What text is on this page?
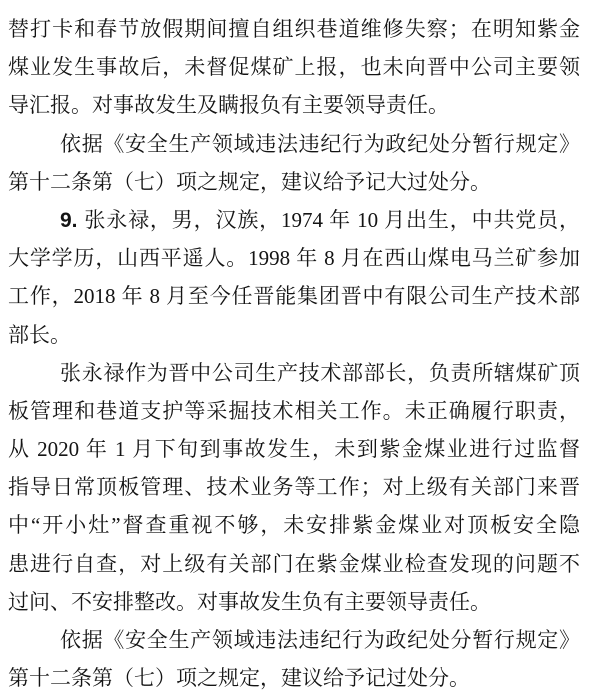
替打卡和春节放假期间擅自组织巷道维修失察；在明知紫金
煤业发生事故后，未督促煤矿上报，也未向晋中公司主要领
导汇报。对事故发生及瞒报负有主要领导责任。
依据《安全生产领域违法违纪行为政纪处分暂行规定》
第十二条第（七）项之规定，建议给予记大过处分。
9. 张永禄，男，汉族，1974 年 10 月出生，中共党员，
大学学历，山西平遥人。1998 年 8 月在西山煤电马兰矿参加
工作，2018 年 8 月至今任晋能集团晋中有限公司生产技术部
部长。
张永禄作为晋中公司生产技术部部长，负责所辖煤矿顶
板管理和巷道支护等采掘技术相关工作。未正确履行职责，
从 2020 年 1 月下旬到事故发生，未到紫金煤业进行过监督
指导日常顶板管理、技术业务等工作；对上级有关部门来晋
中“开小灶”督查重视不够，未安排紫金煤业对顶板安全隐
患进行自查，对上级有关部门在紫金煤业检查发现的问题不
过问、不安排整改。对事故发生负有主要领导责任。
依据《安全生产领域违法违纪行为政纪处分暂行规定》
第十二条第（七）项之规定，建议给予记过处分。
